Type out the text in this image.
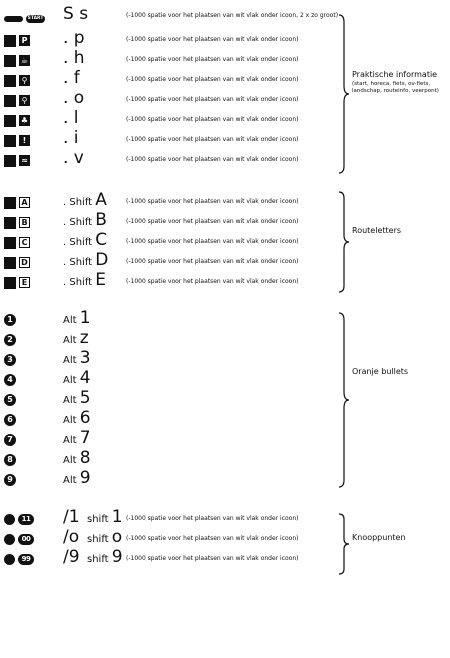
START S s	(-1000 spatie voor het plaatsen van wit vlak onder icoon, 2 x zo groot)
P . p	(-1000 spatie voor het plaatsen van wit vlak onder icoon)
☕ . h	(-1000 spatie voor het plaatsen van wit vlak onder icoon)
⚲ . f	(-1000 spatie voor het plaatsen van wit vlak onder icoon)
⚲ . o	(-1000 spatie voor het plaatsen van wit vlak onder icoon)
♣ . l	(-1000 spatie voor het plaatsen van wit vlak onder icoon)
! . i	(-1000 spatie voor het plaatsen van wit vlak onder icoon)
≈ . v	(-1000 spatie voor het plaatsen van wit vlak onder icoon)
Praktische informatie
(start, horeca, fiets, ov-fiets, landschap, routeinfo, veerpont)
A	. Shift A	(-1000 spatie voor het plaatsen van wit vlak onder icoon)
B	. Shift B	(-1000 spatie voor het plaatsen van wit vlak onder icoon)
C	. Shift C	(-1000 spatie voor het plaatsen van wit vlak onder icoon)
D	. Shift D	(-1000 spatie voor het plaatsen van wit vlak onder icoon)
E	. Shift E	(-1000 spatie voor het plaatsen van wit vlak onder icoon)
Routeletters
1	Alt 1
2	Alt z
3	Alt 3
4	Alt 4
5	Alt 5
6	Alt 6
7	Alt 7
8	Alt 8
9	Alt 9
Oranje bullets
11 /1 shift 1 (-1000 spatie voor het plaatsen van wit vlak onder icoon)
00 /o shift o (-1000 spatie voor het plaatsen van wit vlak onder icoon)
99 /9 shift 9 (-1000 spatie voor het plaatsen van wit vlak onder icoon)
Knooppunten
